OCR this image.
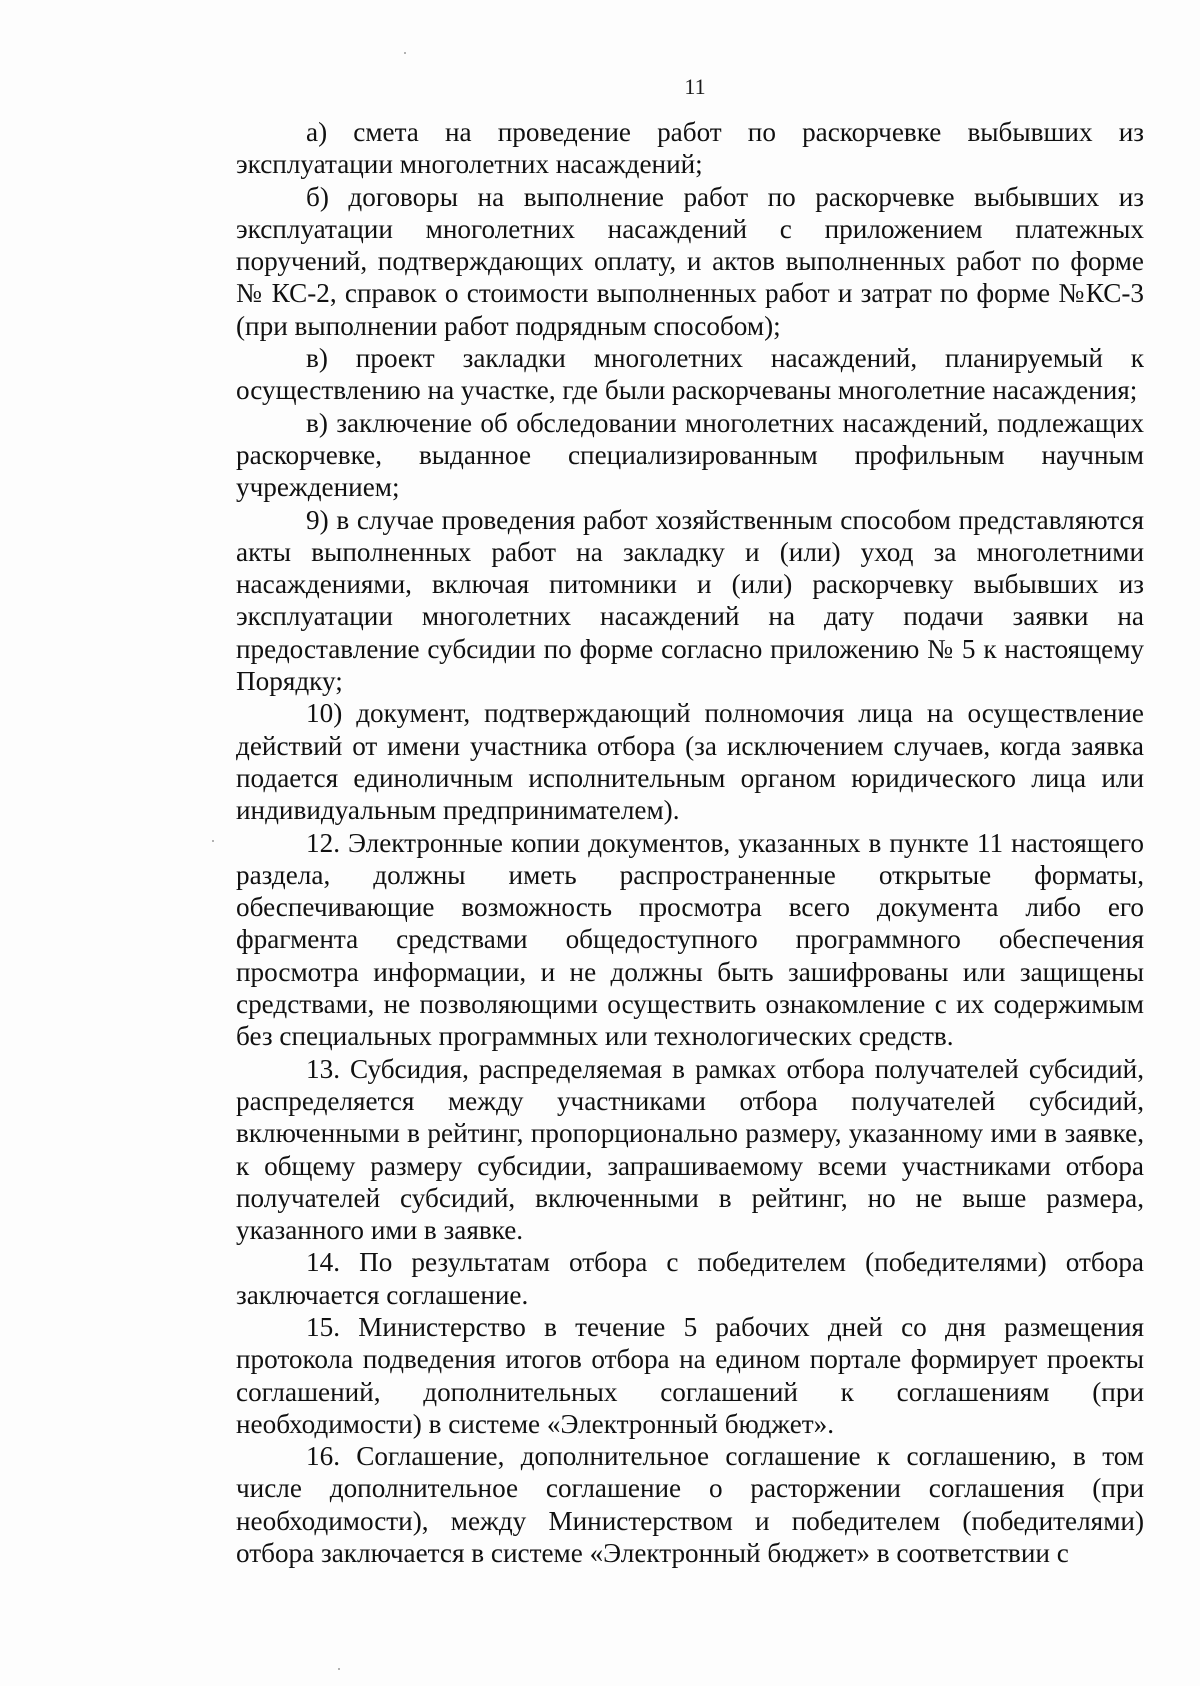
11

а) смета на проведение работ по раскорчевке выбывших из эксплуатации многолетних насаждений;

б) договоры на выполнение работ по раскорчевке выбывших из эксплуатации многолетних насаждений с приложением платежных поручений, подтверждающих оплату, и актов выполненных работ по форме № КС-2, справок о стоимости выполненных работ и затрат по форме №КС-3 (при выполнении работ подрядным способом);

в) проект закладки многолетних насаждений, планируемый к осуществлению на участке, где были раскорчеваны многолетние насаждения;

в) заключение об обследовании многолетних насаждений, подлежащих раскорчевке, выданное специализированным профильным научным учреждением;

9) в случае проведения работ хозяйственным способом представляются акты выполненных работ на закладку и (или) уход за многолетними насаждениями, включая питомники и (или) раскорчевку выбывших из эксплуатации многолетних насаждений на дату подачи заявки на предоставление субсидии по форме согласно приложению № 5 к настоящему Порядку;

10) документ, подтверждающий полномочия лица на осуществление действий от имени участника отбора (за исключением случаев, когда заявка подается единоличным исполнительным органом юридического лица или индивидуальным предпринимателем).

12. Электронные копии документов, указанных в пункте 11 настоящего раздела, должны иметь распространенные открытые форматы, обеспечивающие возможность просмотра всего документа либо его фрагмента средствами общедоступного программного обеспечения просмотра информации, и не должны быть зашифрованы или защищены средствами, не позволяющими осуществить ознакомление с их содержимым без специальных программных или технологических средств.

13. Субсидия, распределяемая в рамках отбора получателей субсидий, распределяется между участниками отбора получателей субсидий, включенными в рейтинг, пропорционально размеру, указанному ими в заявке, к общему размеру субсидии, запрашиваемому всеми участниками отбора получателей субсидий, включенными в рейтинг, но не выше размера, указанного ими в заявке.

14. По результатам отбора с победителем (победителями) отбора заключается соглашение.

15. Министерство в течение 5 рабочих дней со дня размещения протокола подведения итогов отбора на едином портале формирует проекты соглашений, дополнительных соглашений к соглашениям (при необходимости) в системе «Электронный бюджет».

16. Соглашение, дополнительное соглашение к соглашению, в том числе дополнительное соглашение о расторжении соглашения (при необходимости), между Министерством и победителем (победителями) отбора заключается в системе «Электронный бюджет» в соответствии с
